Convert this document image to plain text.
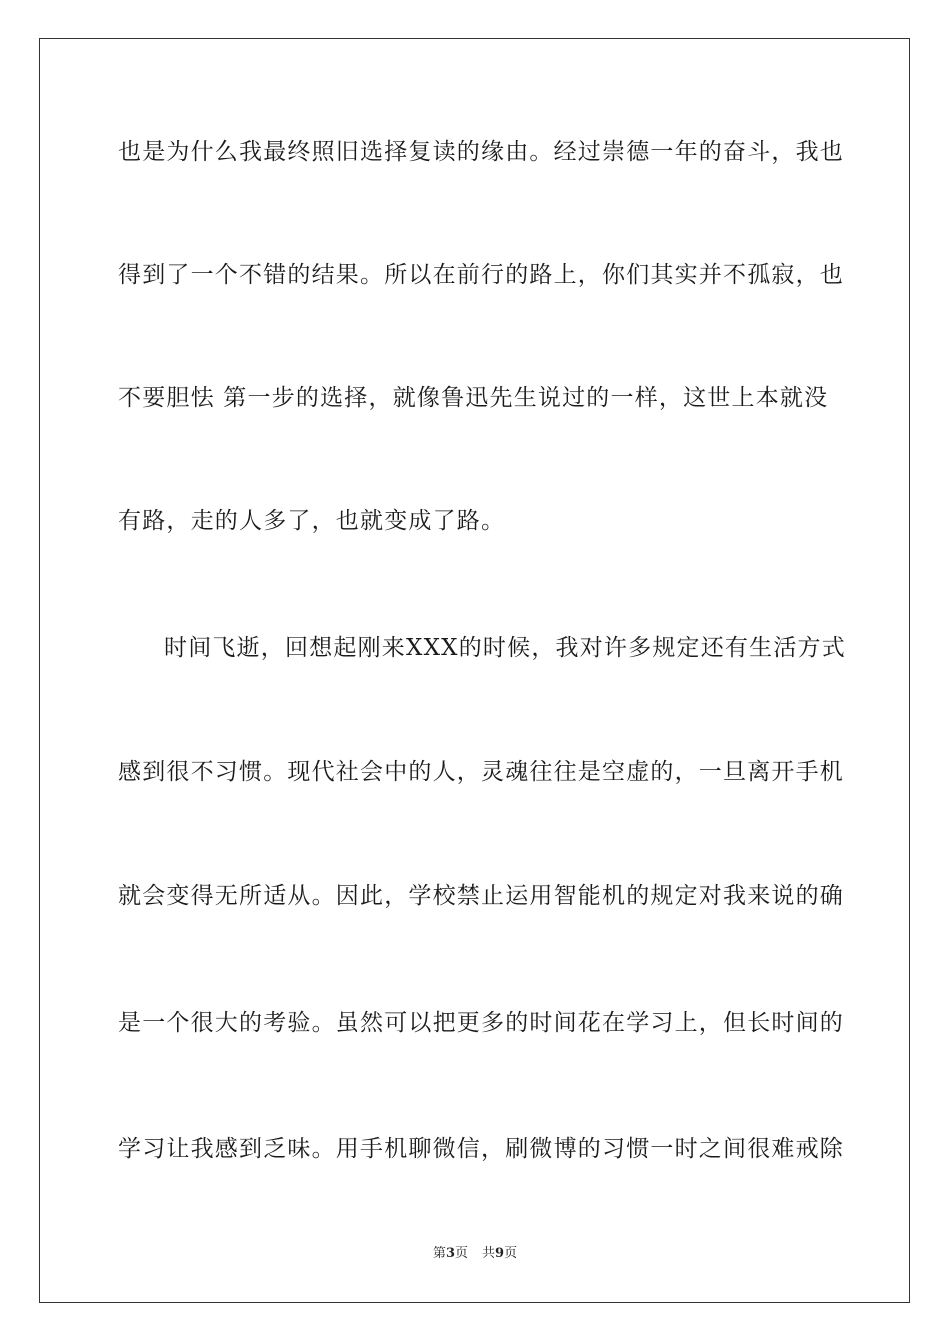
也是为什么我最终照旧选择复读的缘由。经过崇德一年的奋斗，我也
得到了一个不错的结果。所以在前行的路上，你们其实并不孤寂，也
不要胆怯 第一步的选择，就像鲁迅先生说过的一样，这世上本就没
有路，走的人多了，也就变成了路。
时间飞逝，回想起刚来XXX的时候，我对许多规定还有生活方式
感到很不习惯。现代社会中的人，灵魂往往是空虚的，一旦离开手机
就会变得无所适从。因此，学校禁止运用智能机的规定对我来说的确
是一个很大的考验。虽然可以把更多的时间花在学习上，但长时间的
学习让我感到乏味。用手机聊微信，刷微博的习惯一时之间很难戒除
第3页 共9页
